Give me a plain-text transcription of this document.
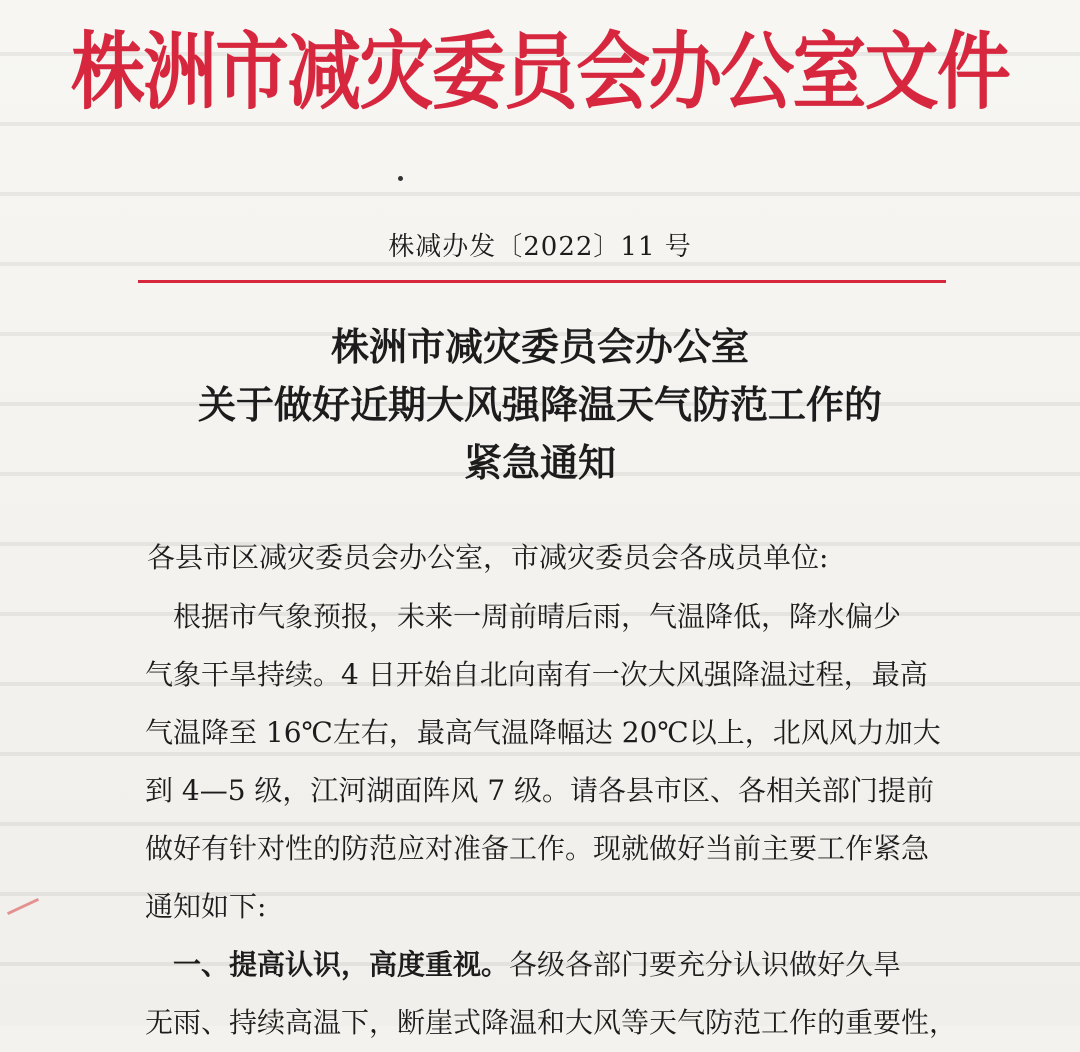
株洲市减灾委员会办公室文件
株减办发〔2022〕11 号
株洲市减灾委员会办公室
关于做好近期大风强降温天气防范工作的
紧急通知
各县市区减灾委员会办公室，市减灾委员会各成员单位:
　根据市气象预报，未来一周前晴后雨，气温降低，降水偏少
气象干旱持续。4 日开始自北向南有一次大风强降温过程，最高
气温降至 16℃左右，最高气温降幅达 20℃以上，北风风力加大
到 4—5 级，江河湖面阵风 7 级。请各县市区、各相关部门提前
做好有针对性的防范应对准备工作。现就做好当前主要工作紧急
通知如下:
　一、提高认识，高度重视。各级各部门要充分认识做好久旱
无雨、持续高温下，断崖式降温和大风等天气防范工作的重要性，
